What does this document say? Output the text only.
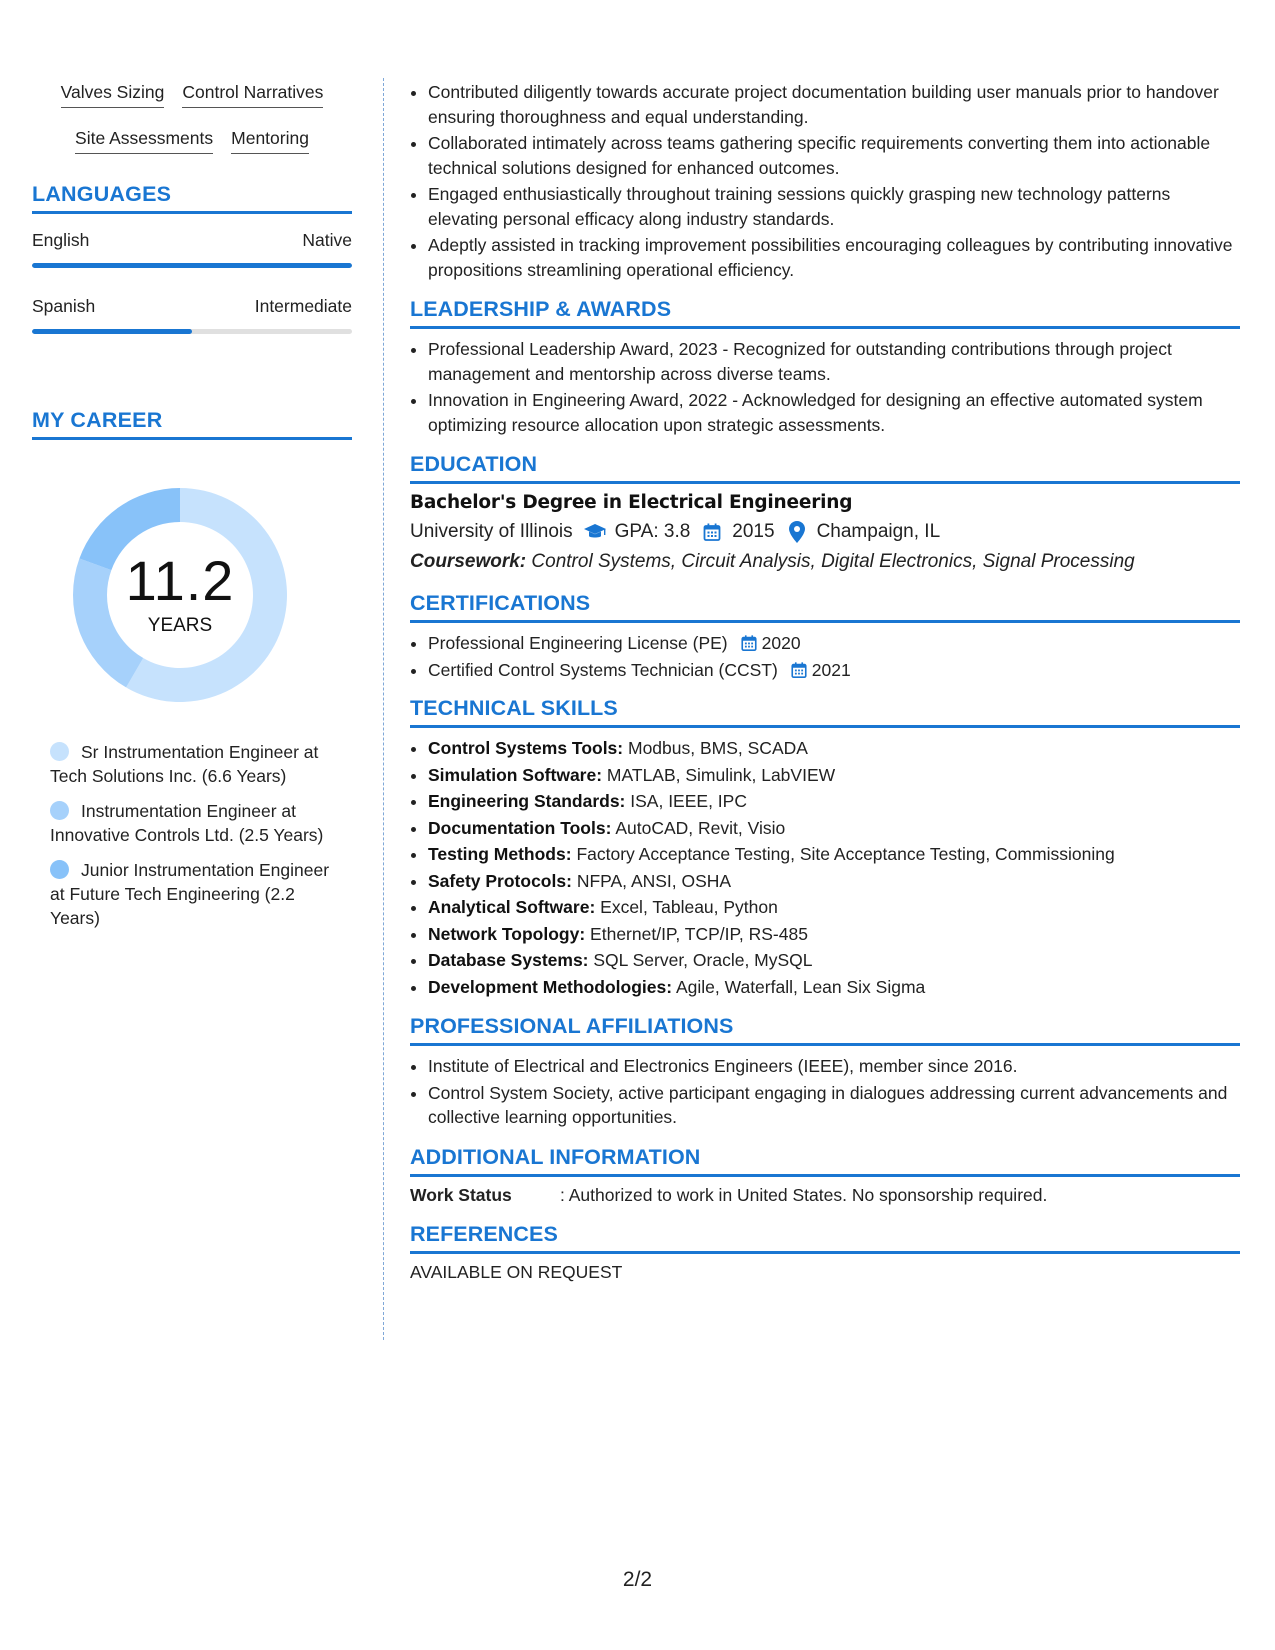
Valves Sizing Control Narratives
Site Assessments Mentoring
LANGUAGES
English	Native
Spanish	Intermediate
MY CAREER
11.2
YEARS
Sr Instrumentation Engineer at Tech Solutions Inc. (6.6 Years)
Instrumentation Engineer at Innovative Controls Ltd. (2.5 Years)
Junior Instrumentation Engineer at Future Tech Engineering (2.2 Years)
• Contributed diligently towards accurate project documentation building user manuals prior to handover ensuring thoroughness and equal understanding.
• Collaborated intimately across teams gathering specific requirements converting them into actionable technical solutions designed for enhanced outcomes.
• Engaged enthusiastically throughout training sessions quickly grasping new technology patterns elevating personal efficacy along industry standards.
• Adeptly assisted in tracking improvement possibilities encouraging colleagues by contributing innovative propositions streamlining operational efficiency.
LEADERSHIP & AWARDS
• Professional Leadership Award, 2023 - Recognized for outstanding contributions through project management and mentorship across diverse teams.
• Innovation in Engineering Award, 2022 - Acknowledged for designing an effective automated system optimizing resource allocation upon strategic assessments.
EDUCATION
Bachelor's Degree in Electrical Engineering
University of Illinois GPA: 3.8 2015 Champaign, IL
Coursework: Control Systems, Circuit Analysis, Digital Electronics, Signal Processing
CERTIFICATIONS
• Professional Engineering License (PE) 2020
• Certified Control Systems Technician (CCST) 2021
TECHNICAL SKILLS
• Control Systems Tools: Modbus, BMS, SCADA
• Simulation Software: MATLAB, Simulink, LabVIEW
• Engineering Standards: ISA, IEEE, IPC
• Documentation Tools: AutoCAD, Revit, Visio
• Testing Methods: Factory Acceptance Testing, Site Acceptance Testing, Commissioning
• Safety Protocols: NFPA, ANSI, OSHA
• Analytical Software: Excel, Tableau, Python
• Network Topology: Ethernet/IP, TCP/IP, RS-485
• Database Systems: SQL Server, Oracle, MySQL
• Development Methodologies: Agile, Waterfall, Lean Six Sigma
PROFESSIONAL AFFILIATIONS
• Institute of Electrical and Electronics Engineers (IEEE), member since 2016.
• Control System Society, active participant engaging in dialogues addressing current advancements and collective learning opportunities.
ADDITIONAL INFORMATION
Work Status	: Authorized to work in United States. No sponsorship required.
REFERENCES
AVAILABLE ON REQUEST
2/2
